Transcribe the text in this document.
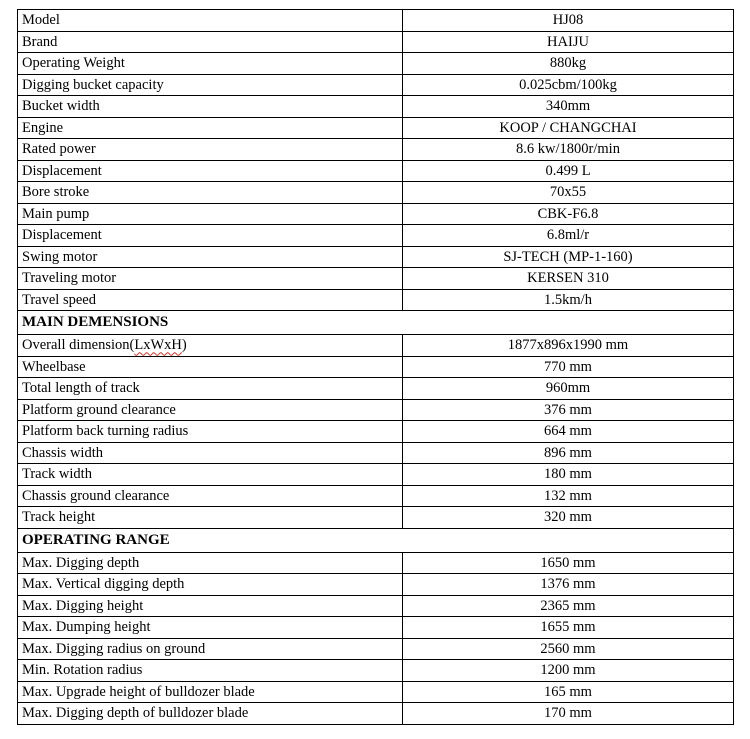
Model	HJ08
Brand	HAIJU
Operating Weight	880kg
Digging bucket capacity	0.025cbm/100kg
Bucket width	340mm
Engine	KOOP / CHANGCHAI
Rated power	8.6 kw/1800r/min
Displacement	0.499 L
Bore stroke	70x55
Main pump	CBK-F6.8
Displacement	6.8ml/r
Swing motor	SJ-TECH (MP-1-160)
Traveling motor	KERSEN 310
Travel speed	1.5km/h
MAIN DEMENSIONS	
Overall dimension(LxWxH)	1877x896x1990 mm
Wheelbase	770 mm
Total length of track	960mm
Platform ground clearance	376 mm
Platform back turning radius	664 mm
Chassis width	896 mm
Track width	180 mm
Chassis ground clearance	132 mm
Track height	320 mm
OPERATING RANGE	
Max. Digging depth	1650 mm
Max. Vertical digging depth	1376 mm
Max. Digging height	2365 mm
Max. Dumping height	1655 mm
Max. Digging radius on ground	2560 mm
Min. Rotation radius	1200 mm
Max. Upgrade height of bulldozer blade	165 mm
Max. Digging depth of bulldozer blade	170 mm
